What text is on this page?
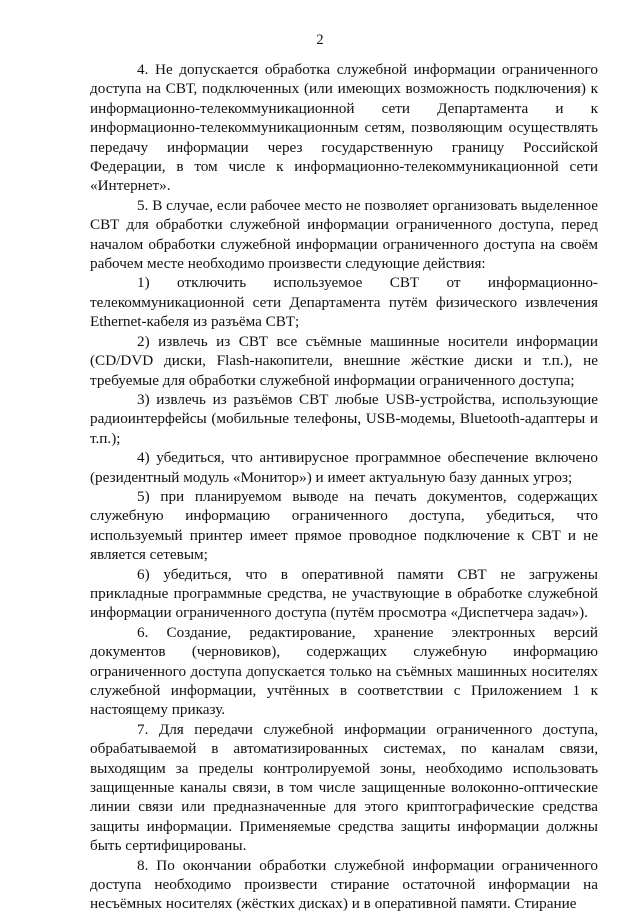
2

4. Не допускается обработка служебной информации ограниченного доступа на СВТ, подключенных (или имеющих возможность подключения) к информационно-телекоммуникационной сети Департамента и к информационно-телекоммуникационным сетям, позволяющим осуществлять передачу информации через государственную границу Российской Федерации, в том числе к информационно-телекоммуникационной сети «Интернет».

5. В случае, если рабочее место не позволяет организовать выделенное СВТ для обработки служебной информации ограниченного доступа, перед началом обработки служебной информации ограниченного доступа на своём рабочем месте необходимо произвести следующие действия:

1) отключить используемое СВТ от информационно-телекоммуникационной сети Департамента путём физического извлечения Ethernet-кабеля из разъёма СВТ;

2) извлечь из СВТ все съёмные машинные носители информации (CD/DVD диски, Flash-накопители, внешние жёсткие диски и т.п.), не требуемые для обработки служебной информации ограниченного доступа;

3) извлечь из разъёмов СВТ любые USB-устройства, использующие радиоинтерфейсы (мобильные телефоны, USB-модемы, Bluetooth-адаптеры и т.п.);

4) убедиться, что антивирусное программное обеспечение включено (резидентный модуль «Монитор») и имеет актуальную базу данных угроз;

5) при планируемом выводе на печать документов, содержащих служебную информацию ограниченного доступа, убедиться, что используемый принтер имеет прямое проводное подключение к СВТ и не является сетевым;

6) убедиться, что в оперативной памяти СВТ не загружены прикладные программные средства, не участвующие в обработке служебной информации ограниченного доступа (путём просмотра «Диспетчера задач»).

6. Создание, редактирование, хранение электронных версий документов (черновиков), содержащих служебную информацию ограниченного доступа допускается только на съёмных машинных носителях служебной информации, учтённых в соответствии с Приложением 1 к настоящему приказу.

7. Для передачи служебной информации ограниченного доступа, обрабатываемой в автоматизированных системах, по каналам связи, выходящим за пределы контролируемой зоны, необходимо использовать защищенные каналы связи, в том числе защищенные волоконно-оптические линии связи или предназначенные для этого криптографические средства защиты информации. Применяемые средства защиты информации должны быть сертифицированы.

8. По окончании обработки служебной информации ограниченного доступа необходимо произвести стирание остаточной информации на несъёмных носителях (жёстких дисках) и в оперативной памяти. Стирание
